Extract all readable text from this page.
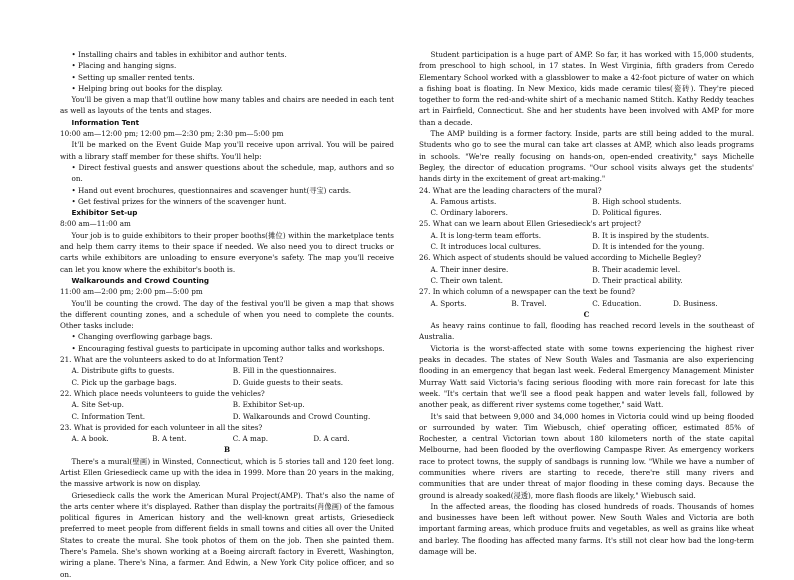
• Installing chairs and tables in exhibitor and author tents.

• Placing and hanging signs.

• Setting up smaller rented tents.

• Helping bring out books for the display.

You'll be given a map that'll outline how many tables and chairs are needed in each tent as well as layouts of the tents and stages.

Information Tent

10:00 am—12:00 pm; 12:00 pm—2:30 pm; 2:30 pm—5:00 pm

It'll be marked on the Event Guide Map you'll receive upon arrival. You will be paired with a library staff member for these shifts. You'll help:

• Direct festival guests and answer questions about the schedule, map, authors and so on.

• Hand out event brochures, questionnaires and scavenger hunt(寻宝) cards.

• Get festival prizes for the winners of the scavenger hunt.

Exhibitor Set-up

8:00 am—11:00 am

Your job is to guide exhibitors to their proper booths(摊位) within the marketplace tents and help them carry items to their space if needed. We also need you to direct trucks or carts while exhibitors are unloading to ensure everyone's safety. The map you'll receive can let you know where the exhibitor's booth is.

Walkarounds and Crowd Counting

11:00 am—2:00 pm; 2:00 pm—5:00 pm

You'll be counting the crowd. The day of the festival you'll be given a map that shows the different counting zones, and a schedule of when you need to complete the counts. Other tasks include:

• Changing overflowing garbage bags.

• Encouraging festival guests to participate in upcoming author talks and workshops.

21. What are the volunteers asked to do at Information Tent?

A. Distribute gifts to guests.	B. Fill in the questionnaires.
C. Pick up the garbage bags.	D. Guide guests to their seats.

22. Which place needs volunteers to guide the vehicles?

A. Site Set-up.	B. Exhibitor Set-up.
C. Information Tent.	D. Walkarounds and Crowd Counting.

23. What is provided for each volunteer in all the sites?

A. A book.	B. A tent.	C. A map.	D. A card.

B

There's a mural(壁画) in Winsted, Connecticut, which is 5 stories tall and 120 feet long. Artist Ellen Griesedieck came up with the idea in 1999. More than 20 years in the making, the massive artwork is now on display.

Griesedieck calls the work the American Mural Project(AMP). That's also the name of the arts center where it's displayed. Rather than display the portraits(肖像画) of the famous political figures in American history and the well-known great artists, Griesedieck preferred to meet people from different fields in small towns and cities all over the United States to create the mural. She took photos of them on the job. Then she painted them. There's Pamela. She's shown working at a Boeing aircraft factory in Everett, Washington, wiring a plane. There's Nina, a farmer. And Edwin, a New York City police officer, and so on.

Student participation is a huge part of AMP. So far, it has worked with 15,000 students, from preschool to high school, in 17 states. In West Virginia, fifth graders from Ceredo Elementary School worked with a glassblower to make a 42-foot picture of water on which a fishing boat is floating. In New Mexico, kids made ceramic tiles(瓷砖). They're pieced together to form the red-and-white shirt of a mechanic named Stitch. Kathy Reddy teaches art in Fairfield, Connecticut. She and her students have been involved with AMP for more than a decade.

The AMP building is a former factory. Inside, parts are still being added to the mural. Students who go to see the mural can take art classes at AMP, which also leads programs in schools. "We're really focusing on hands-on, open-ended creativity," says Michelle Begley, the director of education programs. "Our school visits always get the students' hands dirty in the excitement of great art-making."

24. What are the leading characters of the mural?

A. Famous artists.	B. High school students.
C. Ordinary laborers.	D. Political figures.

25. What can we learn about Ellen Griesedieck's art project?

A. It is long-term team efforts.	B. It is inspired by the students.
C. It introduces local cultures.	D. It is intended for the young.

26. Which aspect of students should be valued according to Michelle Begley?

A. Their inner desire.	B. Their academic level.
C. Their own talent.	D. Their practical ability.

27. In which column of a newspaper can the text be found?

A. Sports.	B. Travel.	C. Education.	D. Business.

C

As heavy rains continue to fall, flooding has reached record levels in the southeast of Australia.

Victoria is the worst-affected state with some towns experiencing the highest river peaks in decades. The states of New South Wales and Tasmania are also experiencing flooding in an emergency that began last week. Federal Emergency Management Minister Murray Watt said Victoria's facing serious flooding with more rain forecast for late this week. "It's certain that we'll see a flood peak happen and water levels fall, followed by another peak, as different river systems come together," said Watt.

It's said that between 9,000 and 34,000 homes in Victoria could wind up being flooded or surrounded by water. Tim Wiebusch, chief operating officer, estimated 85% of Rochester, a central Victorian town about 180 kilometers north of the state capital Melbourne, had been flooded by the overflowing Campaspe River. As emergency workers race to protect towns, the supply of sandbags is running low. "While we have a number of communities where rivers are starting to recede, there're still many rivers and communities that are under threat of major flooding in these coming days. Because the ground is already soaked(浸透), more flash floods are likely," Wiebusch said.

In the affected areas, the flooding has closed hundreds of roads. Thousands of homes and businesses have been left without power. New South Wales and Victoria are both important farming areas, which produce fruits and vegetables, as well as grains like wheat and barley. The flooding has affected many farms. It's still not clear how bad the long-term damage will be.
